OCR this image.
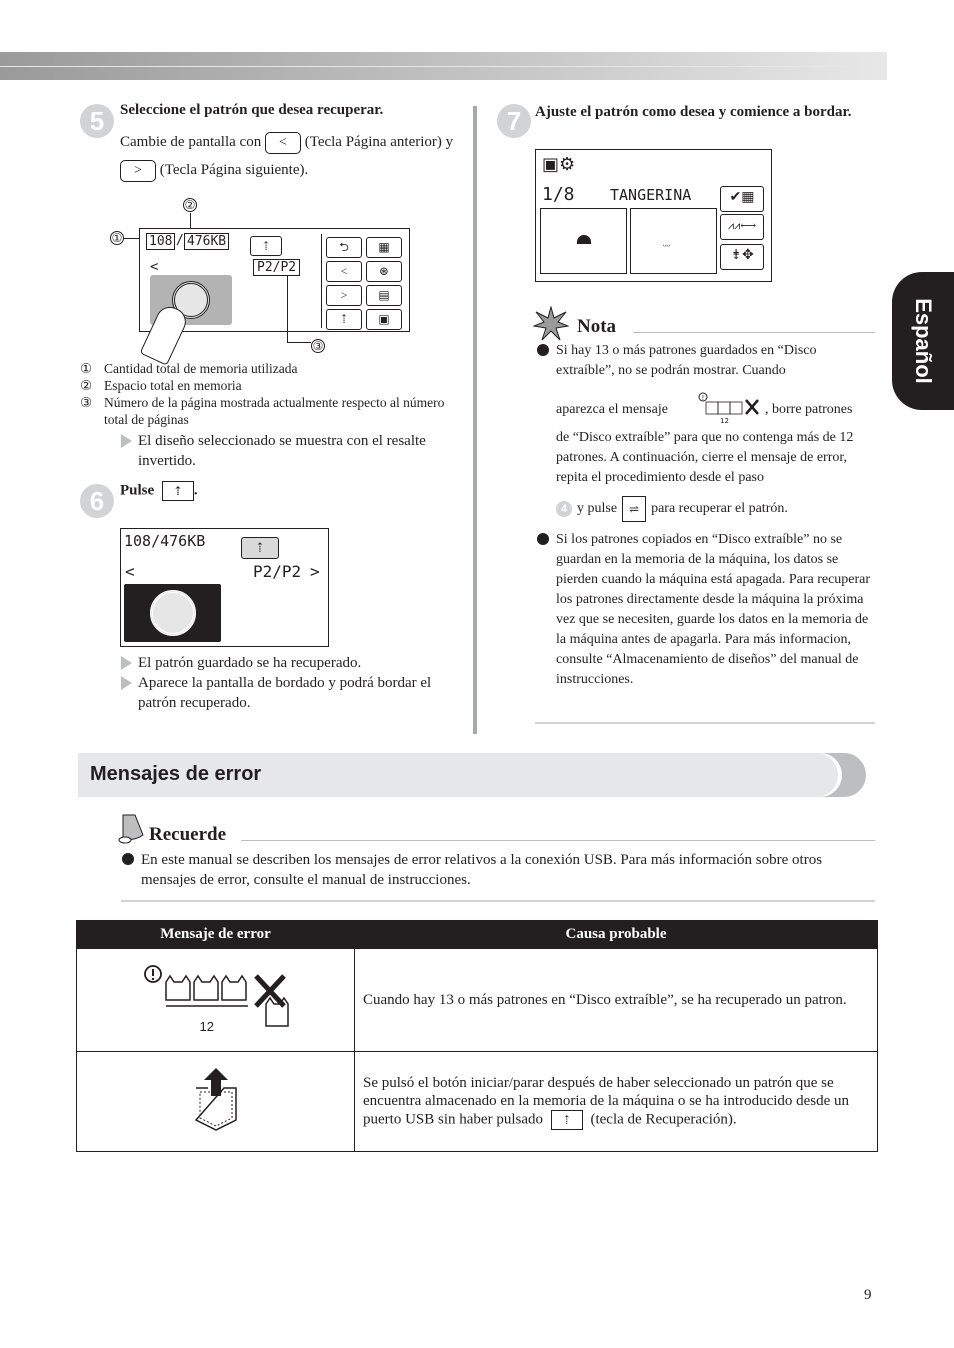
Español
5	Seleccione el patrón que desea recuperar.
Cambie de pantalla con < (Tecla Página anterior) y > (Tecla Página siguiente).
②
① 108 / 476KB	⇡
<	P2/P2
⮌	▦
<	⊛
>	▤
⇡	▣
③
① Cantidad total de memoria utilizada
② Espacio total en memoria
③ Número de la página mostrada actualmente respecto al número total de páginas
El diseño seleccionado se muestra con el resalte invertido.
6	Pulse ⇡ .
108/476KB	⇡
<	P2/P2 >
El patrón guardado se ha recuperado.
Aparece la pantalla de bordado y podrá bordar el patrón recuperado.
7 Ajuste el patrón como desea y comience a bordar.
▣⚙
1/8 TANGERINA
ᵕᵕ
✔▦
⩘⩘⟷
⇟✥
Nota
Si hay 13 o más patrones guardados en “Disco extraíble”, no se podrán mostrar. Cuando
aparezca el mensaje
!
12
, borre patrones
de “Disco extraíble” para que no contenga más de 12 patrones. A continuación, cierre el mensaje de error, repita el procedimiento desde el paso
4 y pulse ⇌ para recuperar el patrón.
Si los patrones copiados en “Disco extraíble” no se guardan en la memoria de la máquina, los datos se pierden cuando la máquina está apagada. Para recuperar los patrones directamente desde la máquina la próxima vez que se necesiten, guarde los datos en la memoria de la máquina antes de apagarla. Para más informacion, consulte “Almacenamiento de diseños” del manual de instrucciones.
Mensajes de error
Recuerde
En este manual se describen los mensajes de error relativos a la conexión USB. Para más información sobre otros mensajes de error, consulte el manual de instrucciones.
Mensaje de error	Causa probable

12	Cuando hay 13 o más patrones en “Disco extraíble”, se ha recuperado un patron.
	Se pulsó el botón iniciar/parar después de haber seleccionado un patrón que se encuentra almacenado en la memoria de la máquina o se ha introducido desde un puerto USB sin haber pulsado ⇡ (tecla de Recuperación).
9
